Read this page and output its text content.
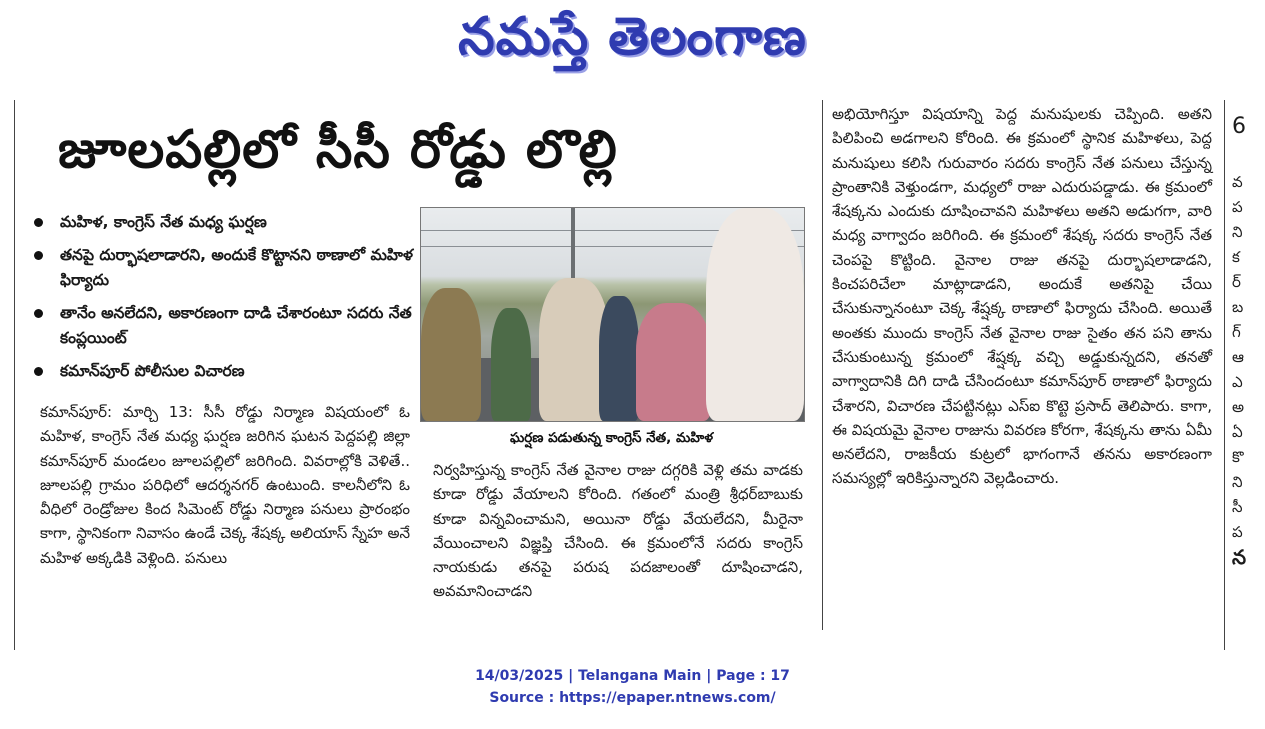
నమస్తే తెలంగాణ
జూలపల్లిలో సీసీ రోడ్డు లొల్లి
మహిళ, కాంగ్రెస్ నేత మధ్య ఘర్షణ
తనపై దుర్భాషలాడారని, అందుకే కొట్టానని ఠాణాలో మహిళ ఫిర్యాదు
తానేం అనలేదని, అకారణంగా దాడి చేశారంటూ సదరు నేత కంప్లయింట్
కమాన్‌పూర్ పోలీసుల విచారణ
కమాన్‌పూర్: మార్చి 13: సీసీ రోడ్డు నిర్మాణ విషయంలో ఓ మహిళ, కాంగ్రెస్ నేత మధ్య ఘర్షణ జరిగిన ఘటన పెద్దపల్లి జిల్లా కమాన్‌పూర్ మండలం జూలపల్లిలో జరిగింది. వివరాల్లోకి వెళితే.. జూలపల్లి గ్రామం పరిధిలో ఆదర్శనగర్ ఉంటుంది. కాలనీలోని ఓ వీధిలో రెండ్రోజుల కింద సిమెంట్ రోడ్డు నిర్మాణ పనులు ప్రారంభం కాగా, స్థానికంగా నివాసం ఉండే చెక్క శేషక్క అలియాస్ స్నేహ అనే మహిళ అక్కడికి వెళ్లింది. పనులు
ఘర్షణ పడుతున్న కాంగ్రెస్ నేత, మహిళ
నిర్వహిస్తున్న కాంగ్రెస్ నేత వైనాల రాజు దగ్గరికి వెళ్లి తమ వాడకు కూడా రోడ్డు వేయాలని కోరింది. గతంలో మంత్రి శ్రీధర్‌బాబుకు కూడా విన్నవించామని, అయినా రోడ్డు వేయలేదని, మీరైనా వేయించాలని విజ్ఞప్తి చేసింది. ఈ క్రమంలోనే సదరు కాంగ్రెస్ నాయకుడు తనపై పరుష పదజాలంతో దూషించాడని, అవమానించాడని
అభియోగిస్తూ విషయాన్ని పెద్ద మనుషులకు చెప్పింది. అతని పిలిపించి అడగాలని కోరింది. ఈ క్రమంలో స్థానిక మహిళలు, పెద్ద మనుషులు కలిసి గురువారం సదరు కాంగ్రెస్ నేత పనులు చేస్తున్న ప్రాంతానికి వెళ్తుండగా, మధ్యలో రాజు ఎదురుపడ్డాడు. ఈ క్రమంలో శేషక్కను ఎందుకు దూషించావని మహిళలు అతని అడుగగా, వారి మధ్య వాగ్వాదం జరిగింది. ఈ క్రమంలో శేషక్క సదరు కాంగ్రెస్ నేత చెంపపై కొట్టింది. వైనాల రాజు తనపై దుర్భాషలాడాడని, కించపరిచేలా మాట్లాడాడని, అందుకే అతనిపై చేయి చేసుకున్నానంటూ చెక్క శేష్షక్క ఠాణాలో ఫిర్యాదు చేసింది. అయితే అంతకు ముందు కాంగ్రెస్ నేత వైనాల రాజు సైతం తన పని తాను చేసుకుంటున్న క్రమంలో శేష్షక్క వచ్చి అడ్డుకున్నదని, తనతో వాగ్వాదానికి దిగి దాడి చేసిందంటూ కమాన్‌పూర్ ఠాణాలో ఫిర్యాదు చేశారని, విచారణ చేపట్టినట్లు ఎస్ఐ కొట్టె ప్రసాద్ తెలిపారు. కాగా, ఈ విషయమై వైనాల రాజును వివరణ కోరగా, శేషక్కను తాను ఏమీ అనలేదని, రాజకీయ కుట్రలో భాగంగానే తనను అకారణంగా సమస్యల్లో ఇరికిస్తున్నారని వెల్లడించారు.
6
వ
ప
ని
క
ర్
బ
గ్
ఆ
ఎ
అ
ఏ
కొ
ని
సీ
ప
న
14/03/2025 | Telangana Main | Page : 17
Source : https://epaper.ntnews.com/
